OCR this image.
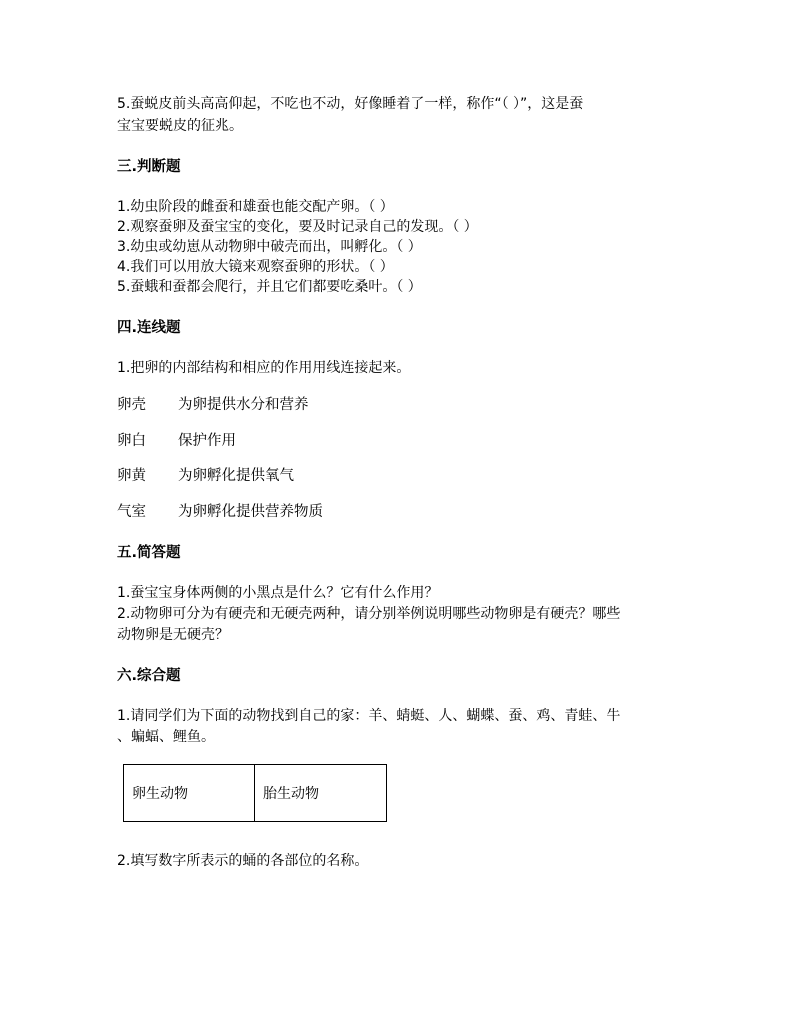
5.蚕蜕皮前头高高仰起，不吃也不动，好像睡着了一样，称作“（ ）”，这是蚕
宝宝要蜕皮的征兆。
三.判断题
1.幼虫阶段的雌蚕和雄蚕也能交配产卵。（ ）
2.观察蚕卵及蚕宝宝的变化，要及时记录自己的发现。（ ）
3.幼虫或幼崽从动物卵中破壳而出，叫孵化。（ ）
4.我们可以用放大镜来观察蚕卵的形状。（ ）
5.蚕蛾和蚕都会爬行，并且它们都要吃桑叶。（ ）
四.连线题
1.把卵的内部结构和相应的作用用线连接起来。
卵壳 为卵提供水分和营养
卵白 保护作用
卵黄 为卵孵化提供氧气
气室 为卵孵化提供营养物质
五.简答题
1.蚕宝宝身体两侧的小黑点是什么？它有什么作用？
2.动物卵可分为有硬壳和无硬壳两种，请分别举例说明哪些动物卵是有硬壳？哪些
动物卵是无硬壳？
六.综合题
1.请同学们为下面的动物找到自己的家：羊、蜻蜓、人、蝴蝶、蚕、鸡、青蛙、牛
、蝙蝠、鲤鱼。
卵生动物	胎生动物
2.填写数字所表示的蛹的各部位的名称。
